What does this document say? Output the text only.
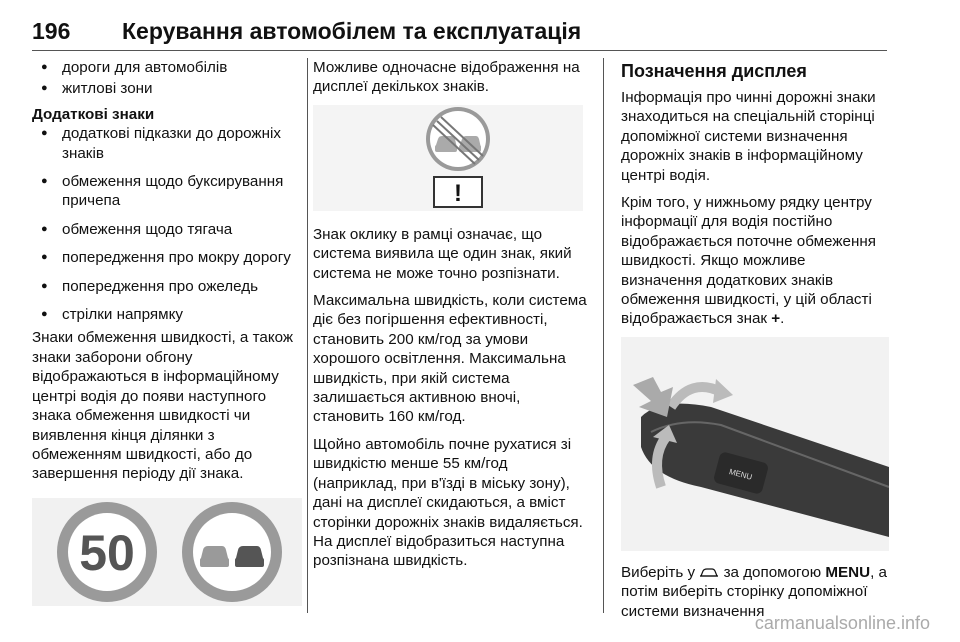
196 Керування автомобілем та експлуатація
● дороги для автомобілів
● житлові зони
Додаткові знаки
● додаткові підказки до дорожніх знаків
● обмеження щодо буксирування причепа
● обмеження щодо тягача
● попередження про мокру дорогу
● попередження про ожеледь
● стрілки напрямку

Знаки обмеження швидкості, а також знаки заборони обгону відображаються в інформаційному центрі водія до появи наступного знака обмеження швидкості чи виявлення кінця ділянки з обмеженням швидкості, або до завершення періоду дії знака.

50

Можливе одночасне відображення на дисплеї декількох знаків.

!

Знак оклику в рамці означає, що система виявила ще один знак, який система не може точно розпізнати.

Максимальна швидкість, коли система діє без погіршення ефективності, становить 200 км/год за умови хорошого освітлення. Максимальна швидкість, при якій система залишається активною вночі, становить 160 км/год.

Щойно автомобіль почне рухатися зі швидкістю менше 55 км/год (наприклад, при в'їзді в міську зону), дані на дисплеї скидаються, а вміст сторінки дорожніх знаків видаляється. На дисплеї відобразиться наступна розпізнана швидкість.

Позначення дисплея

Інформація про чинні дорожні знаки знаходиться на спеціальній сторінці допоміжної системи визначення дорожніх знаків в інформаційному центрі водія.

Крім того, у нижньому рядку центру інформації для водія постійно відображається поточне обмеження швидкості. Якщо можливе визначення додаткових знаків обмеження швидкості, у цій області відображається знак +.

MENU

Виберіть у за допомогою MENU, а потім виберіть сторінку допоміжної системи визначення

carmanualsonline.info
